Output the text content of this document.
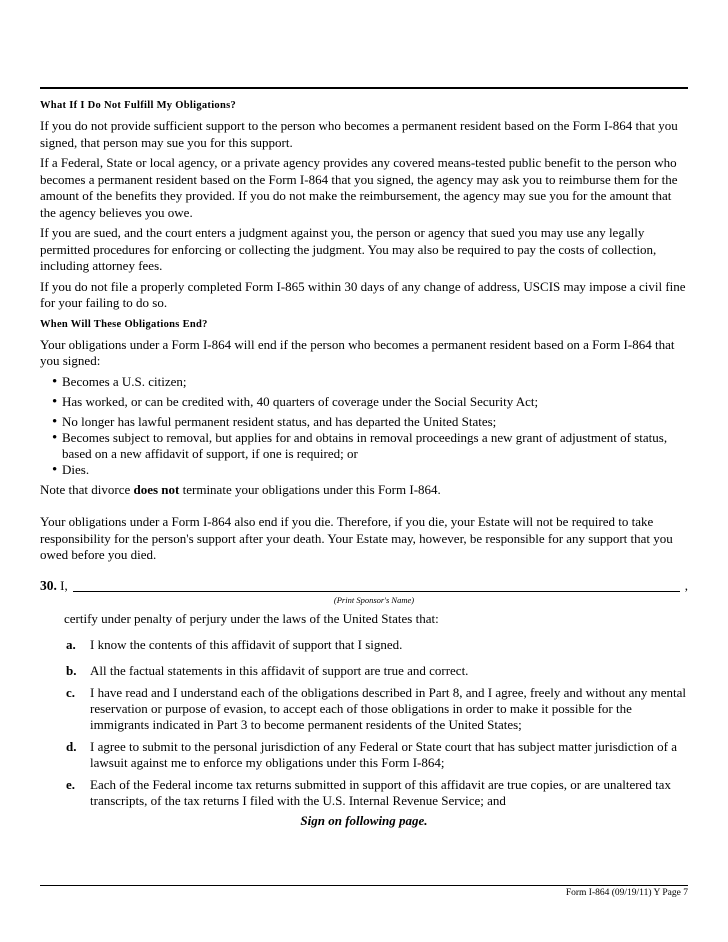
What If I Do Not Fulfill My Obligations?

If you do not provide sufficient support to the person who becomes a permanent resident based on the Form I-864 that you signed, that person may sue you for this support.

If a Federal, State or local agency, or a private agency provides any covered means-tested public benefit to the person who becomes a permanent resident based on the Form I-864 that you signed, the agency may ask you to reimburse them for the amount of the benefits they provided. If you do not make the reimbursement, the agency may sue you for the amount that the agency believes you owe.

If you are sued, and the court enters a judgment against you, the person or agency that sued you may use any legally permitted procedures for enforcing or collecting the judgment. You may also be required to pay the costs of collection, including attorney fees.

If you do not file a properly completed Form I-865 within 30 days of any change of address, USCIS may impose a civil fine for your failing to do so.

When Will These Obligations End?

Your obligations under a Form I-864 will end if the person who becomes a permanent resident based on a Form I-864 that you signed:

• Becomes a U.S. citizen;
• Has worked, or can be credited with, 40 quarters of coverage under the Social Security Act;
• No longer has lawful permanent resident status, and has departed the United States;
• Becomes subject to removal, but applies for and obtains in removal proceedings a new grant of adjustment of status, based on a new affidavit of support, if one is required; or
• Dies.

Note that divorce does not terminate your obligations under this Form I-864.

Your obligations under a Form I-864 also end if you die. Therefore, if you die, your Estate will not be required to take responsibility for the person's support after your death. Your Estate may, however, be responsible for any support that you owed before you died.

30.
I,	,
(Print Sponsor's Name)
certify under penalty of perjury under the laws of the United States that:
a.	I know the contents of this affidavit of support that I signed.
b.	All the factual statements in this affidavit of support are true and correct.
c.	I have read and I understand each of the obligations described in Part 8, and I agree, freely and without any mental reservation or purpose of evasion, to accept each of those obligations in order to make it possible for the immigrants indicated in Part 3 to become permanent residents of the United States;
d.	I agree to submit to the personal jurisdiction of any Federal or State court that has subject matter jurisdiction of a lawsuit against me to enforce my obligations under this Form I-864;
e.	Each of the Federal income tax returns submitted in support of this affidavit are true copies, or are unaltered tax transcripts, of the tax returns I filed with the U.S. Internal Revenue Service; and
Sign on following page.
Form I-864 (09/19/11) Y Page 7
